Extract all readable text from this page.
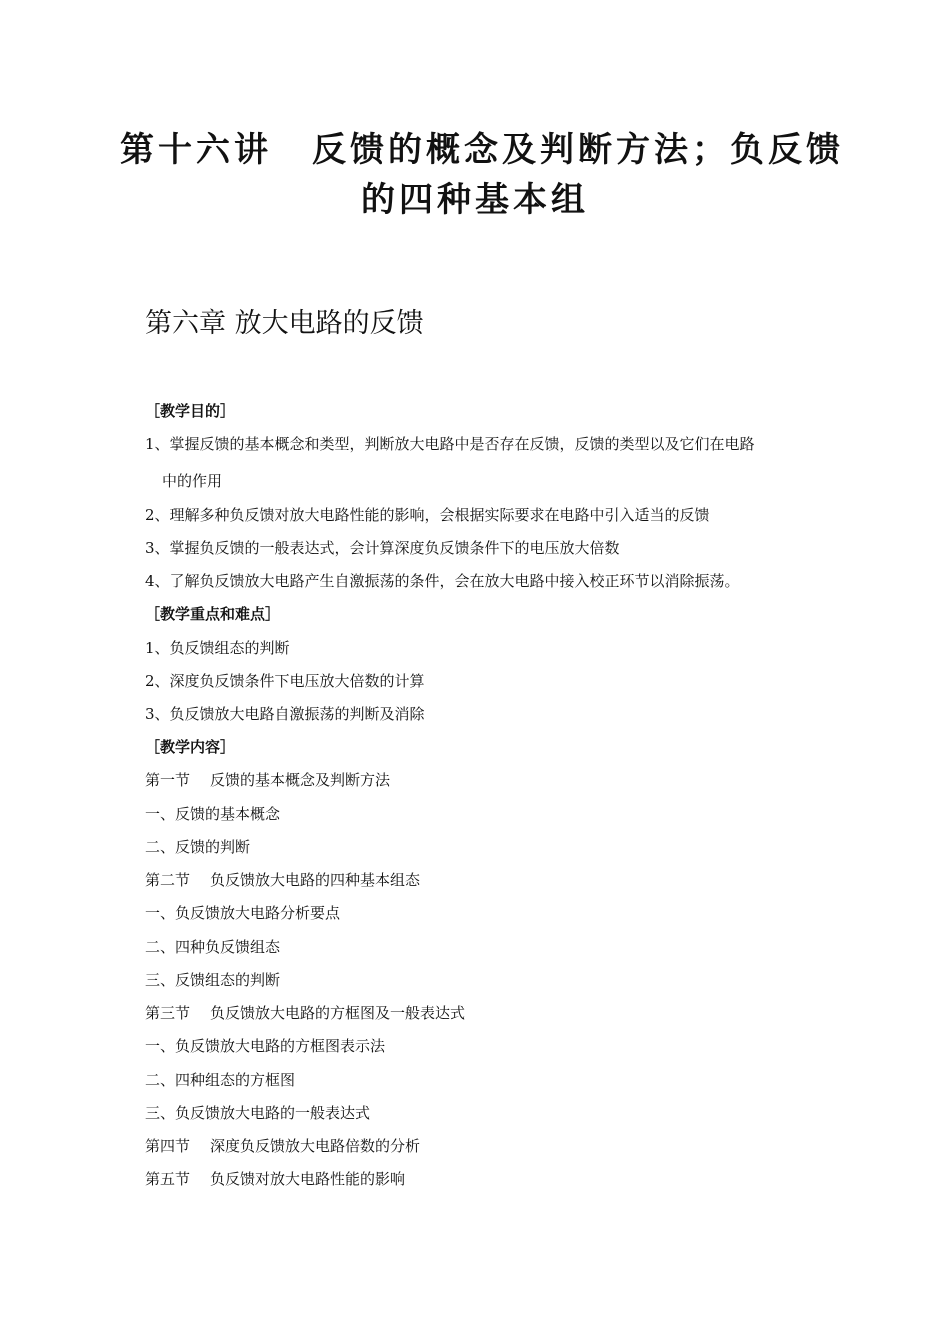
第十六讲 反馈的概念及判断方法；负反馈
的四种基本组
第六章 放大电路的反馈
［教学目的］
1、掌握反馈的基本概念和类型，判断放大电路中是否存在反馈，反馈的类型以及它们在电路
中的作用
2、理解多种负反馈对放大电路性能的影响，会根据实际要求在电路中引入适当的反馈
3、掌握负反馈的一般表达式，会计算深度负反馈条件下的电压放大倍数
4、了解负反馈放大电路产生自激振荡的条件，会在放大电路中接入校正环节以消除振荡。
［教学重点和难点］
1、负反馈组态的判断
2、深度负反馈条件下电压放大倍数的计算
3、负反馈放大电路自激振荡的判断及消除
［教学内容］
第一节 反馈的基本概念及判断方法
一、反馈的基本概念
二、反馈的判断
第二节 负反馈放大电路的四种基本组态
一、负反馈放大电路分析要点
二、四种负反馈组态
三、反馈组态的判断
第三节 负反馈放大电路的方框图及一般表达式
一、负反馈放大电路的方框图表示法
二、四种组态的方框图
三、负反馈放大电路的一般表达式
第四节 深度负反馈放大电路倍数的分析
第五节 负反馈对放大电路性能的影响
